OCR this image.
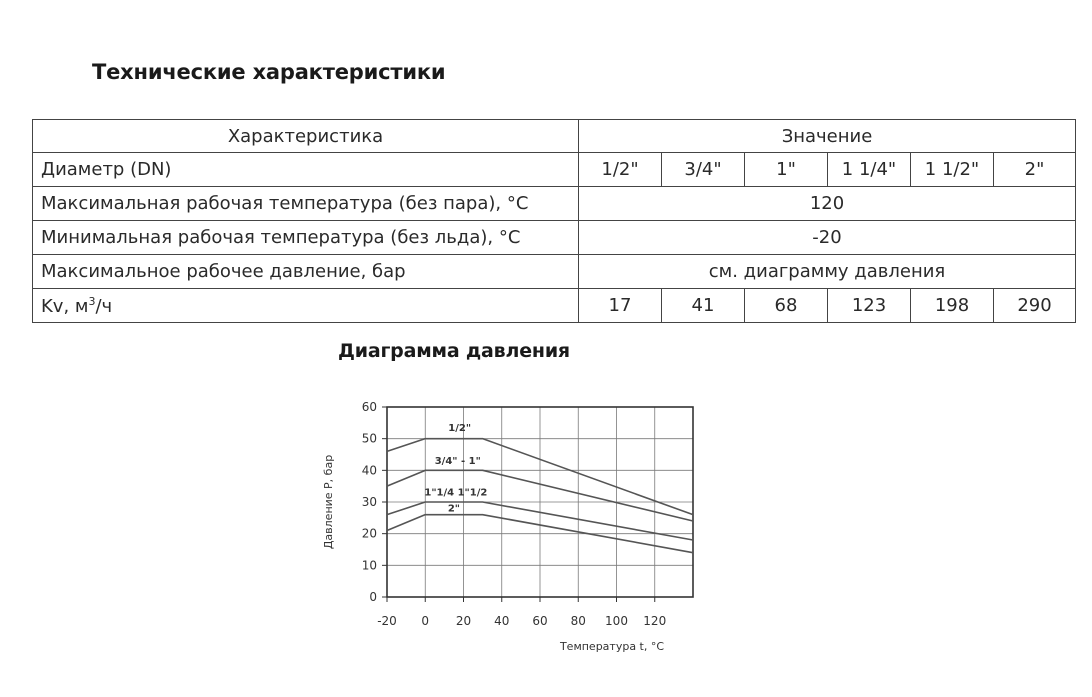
Технические характеристики
Характеристика	Значение					
Диаметр (DN)	1/2"	3/4"	1"	1 1/4"	1 1/2"	2"
Максимальная рабочая температура (без пара), °C	120					
Минимальная рабочая температура (без льда), °C	-20					
Максимальное рабочее давление, бар	см. диаграмму давления					
Kv, $м^3/ч$	17	41	68	123	198	290
Диаграмма давления
0
10
20
30
40
50
60
-20 0 20 40 60 80 100 120
Температура t, °C
Давление P, бар
1/2"
3/4" - 1"
1"1/4 1"1/2
2"
